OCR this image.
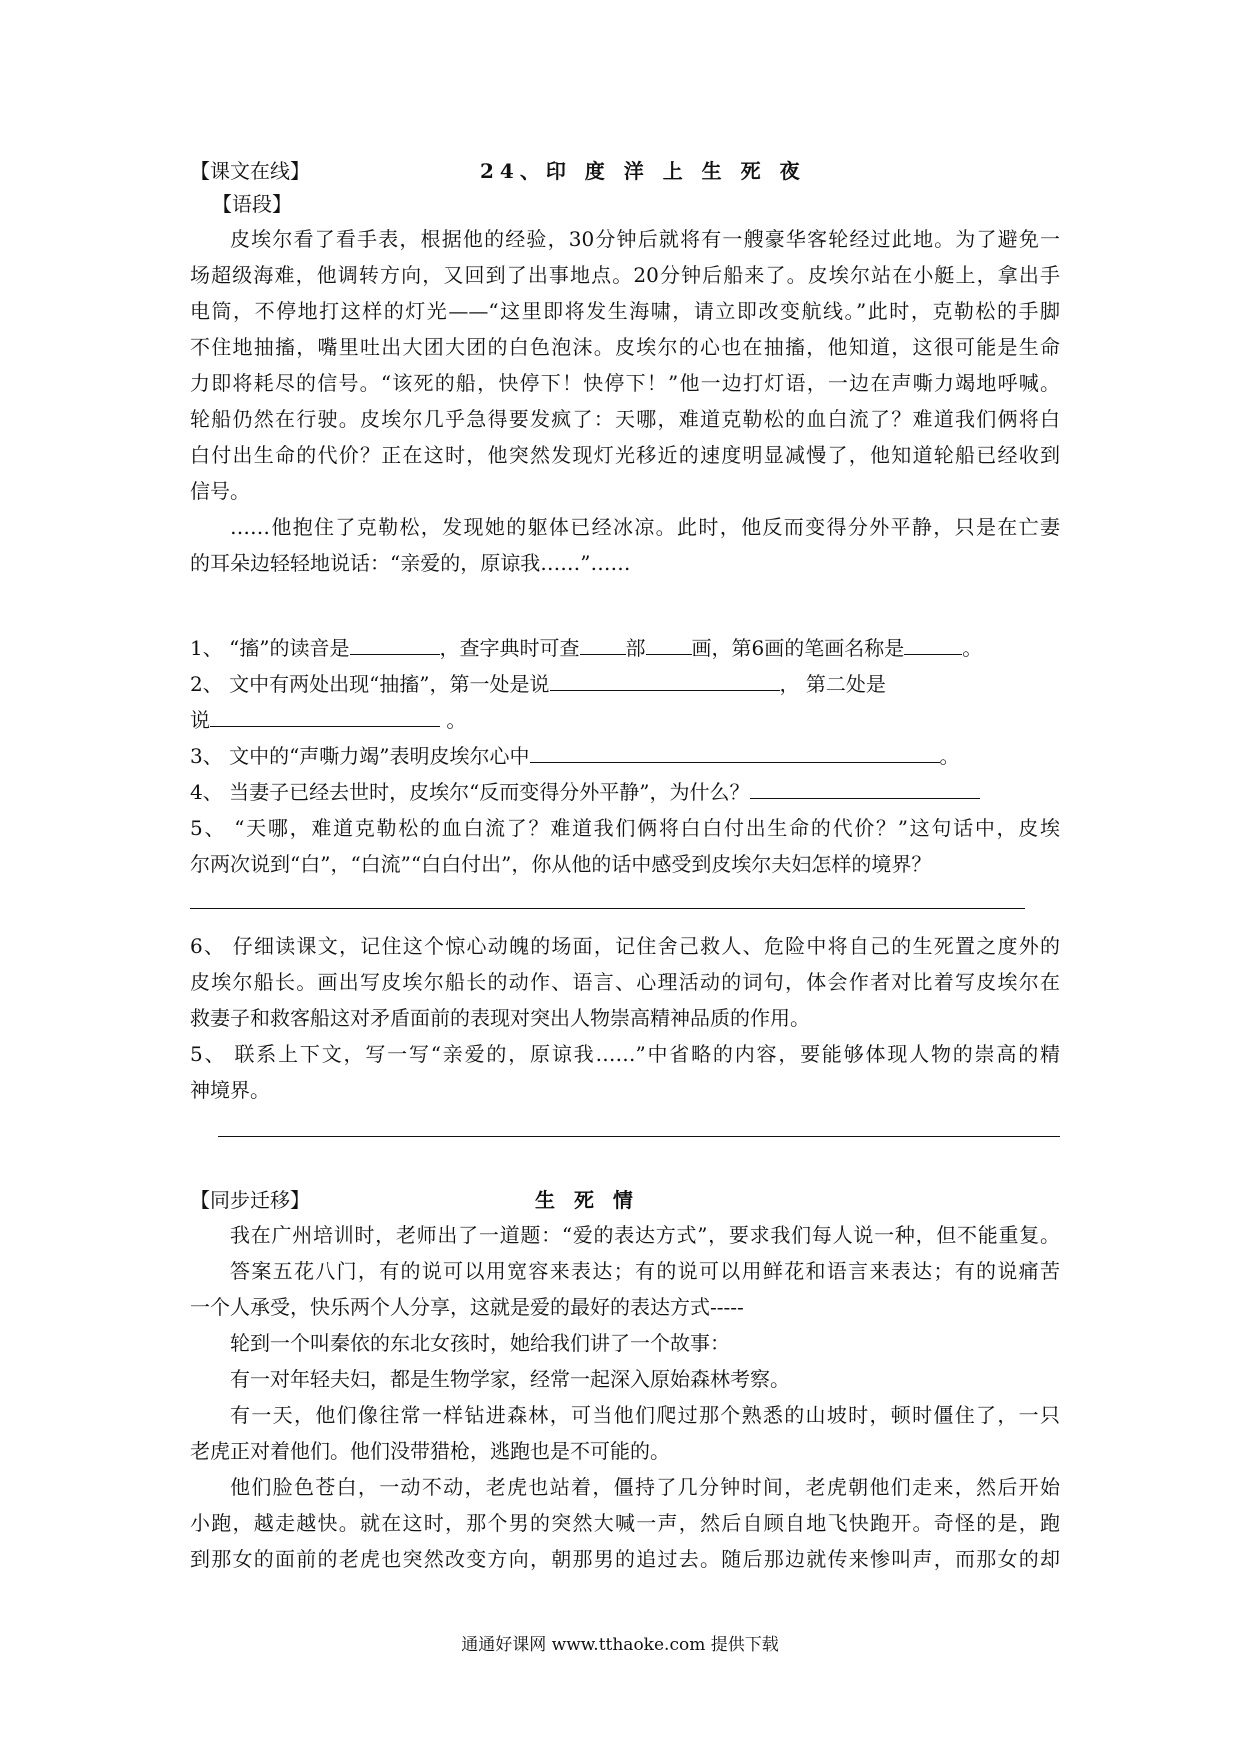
【课文在线】	24、印 度 洋 上 生 死 夜
【语段】
皮埃尔看了看手表，根据他的经验，30分钟后就将有一艘豪华客轮经过此地。为了避免一
场超级海难，他调转方向，又回到了出事地点。20分钟后船来了。皮埃尔站在小艇上，拿出手
电筒，不停地打这样的灯光——“这里即将发生海啸，请立即改变航线。”此时，克勒松的手脚
不住地抽搐，嘴里吐出大团大团的白色泡沫。皮埃尔的心也在抽搐，他知道，这很可能是生命
力即将耗尽的信号。“该死的船，快停下！快停下！”他一边打灯语，一边在声嘶力竭地呼喊。
轮船仍然在行驶。皮埃尔几乎急得要发疯了：天哪，难道克勒松的血白流了？难道我们俩将白
白付出生命的代价？正在这时，他突然发现灯光移近的速度明显减慢了，他知道轮船已经收到
信号。
……他抱住了克勒松，发现她的躯体已经冰凉。此时，他反而变得分外平静，只是在亡妻
的耳朵边轻轻地说话：“亲爱的，原谅我……”……
1、 “搐”的读音是	，查字典时可查 部 画，第6画的笔画名称是	。
2、 文中有两处出现“抽搐”，第一处是说	， 第二处是
说	。
3、 文中的“声嘶力竭”表明皮埃尔心中	。
4、 当妻子已经去世时，皮埃尔“反而变得分外平静”，为什么？
5、 “天哪，难道克勒松的血白流了？难道我们俩将白白付出生命的代价？”这句话中，皮埃
尔两次说到“白”，“白流”“白白付出”，你从他的话中感受到皮埃尔夫妇怎样的境界？
6、 仔细读课文，记住这个惊心动魄的场面，记住舍己救人、危险中将自己的生死置之度外的
皮埃尔船长。画出写皮埃尔船长的动作、语言、心理活动的词句，体会作者对比着写皮埃尔在
救妻子和救客船这对矛盾面前的表现对突出人物崇高精神品质的作用。
5、 联系上下文，写一写“亲爱的，原谅我……”中省略的内容，要能够体现人物的崇高的精
神境界。
【同步迁移】	生 死 情
我在广州培训时，老师出了一道题：“爱的表达方式”，要求我们每人说一种，但不能重复。
答案五花八门，有的说可以用宽容来表达；有的说可以用鲜花和语言来表达；有的说痛苦
一个人承受，快乐两个人分享，这就是爱的最好的表达方式-----
轮到一个叫秦依的东北女孩时，她给我们讲了一个故事：
有一对年轻夫妇，都是生物学家，经常一起深入原始森林考察。
有一天，他们像往常一样钻进森林，可当他们爬过那个熟悉的山坡时，顿时僵住了，一只
老虎正对着他们。他们没带猎枪，逃跑也是不可能的。
他们脸色苍白，一动不动，老虎也站着，僵持了几分钟时间，老虎朝他们走来，然后开始
小跑，越走越快。就在这时，那个男的突然大喊一声，然后自顾自地飞快跑开。奇怪的是，跑
到那女的面前的老虎也突然改变方向，朝那男的追过去。随后那边就传来惨叫声，而那女的却
通通好课网 www.tthaoke.com 提供下载
